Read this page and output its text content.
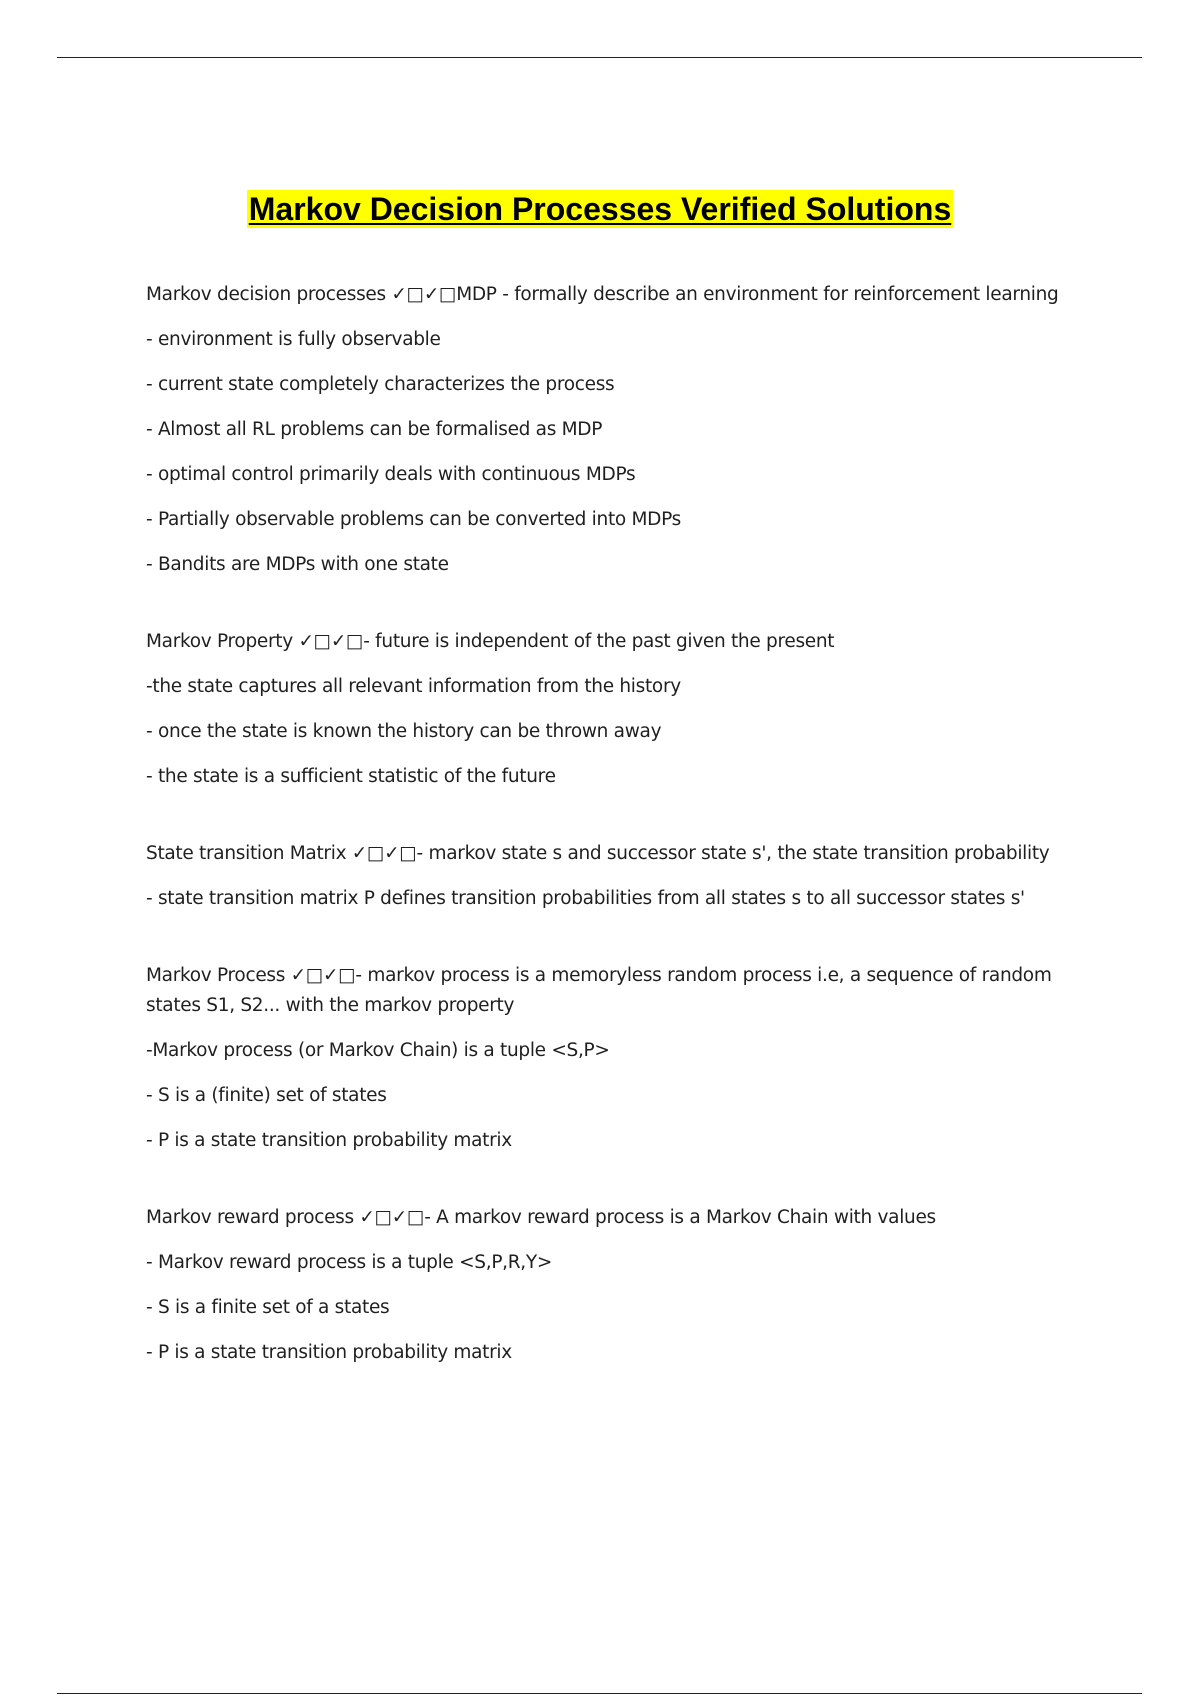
Markov Decision Processes Verified Solutions

Markov decision processes ✓□✓□MDP - formally describe an environment for reinforcement learning

- environment is fully observable

- current state completely characterizes the process

- Almost all RL problems can be formalised as MDP

- optimal control primarily deals with continuous MDPs

- Partially observable problems can be converted into MDPs

- Bandits are MDPs with one state

Markov Property ✓□✓□- future is independent of the past given the present

-the state captures all relevant information from the history

- once the state is known the history can be thrown away

- the state is a sufficient statistic of the future

State transition Matrix ✓□✓□- markov state s and successor state s', the state transition probability

- state transition matrix P defines transition probabilities from all states s to all successor states s'

Markov Process ✓□✓□- markov process is a memoryless random process i.e, a sequence of random states S1, S2... with the markov property

-Markov process (or Markov Chain) is a tuple <S,P>

- S is a (finite) set of states

- P is a state transition probability matrix

Markov reward process ✓□✓□- A markov reward process is a Markov Chain with values

- Markov reward process is a tuple <S,P,R,Y>

- S is a finite set of a states

- P is a state transition probability matrix
